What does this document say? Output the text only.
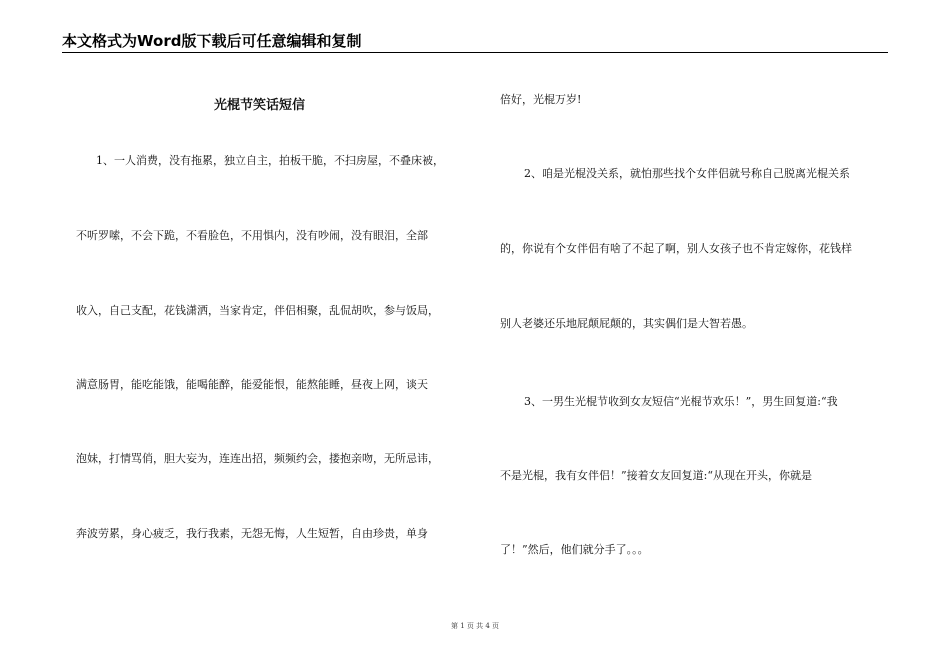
本文格式为Word版下载后可任意编辑和复制
光棍节笑话短信
1、一人消费，没有拖累，独立自主，拍板干脆，不扫房屋，不叠床被，
不听罗嗦，不会下跪，不看脸色，不用惧内，没有吵闹，没有眼泪，全部
收入，自己支配，花钱潇洒，当家肯定，伴侣相聚，乱侃胡吹，参与饭局，
满意肠胃，能吃能饿，能喝能醉，能爱能恨，能熬能睡，昼夜上网，谈天
泡妹，打情骂俏，胆大妄为，连连出招，频频约会，搂抱亲吻，无所忌讳，
奔波劳累，身心疲乏，我行我素，无怨无悔，人生短暂，自由珍贵，单身
倍好，光棍万岁!
2、咱是光棍没关系，就怕那些找个女伴侣就号称自己脱离光棍关系
的，你说有个女伴侣有啥了不起了啊，别人女孩子也不肯定嫁你，花钱样
别人老婆还乐地屁颠屁颠的，其实偶们是大智若愚。
3、一男生光棍节收到女友短信“光棍节欢乐！”，男生回复道:“我
不是光棍，我有女伴侣！”接着女友回复道:“从现在开头，你就是
了！”然后，他们就分手了。。。
第 1 页 共 4 页
